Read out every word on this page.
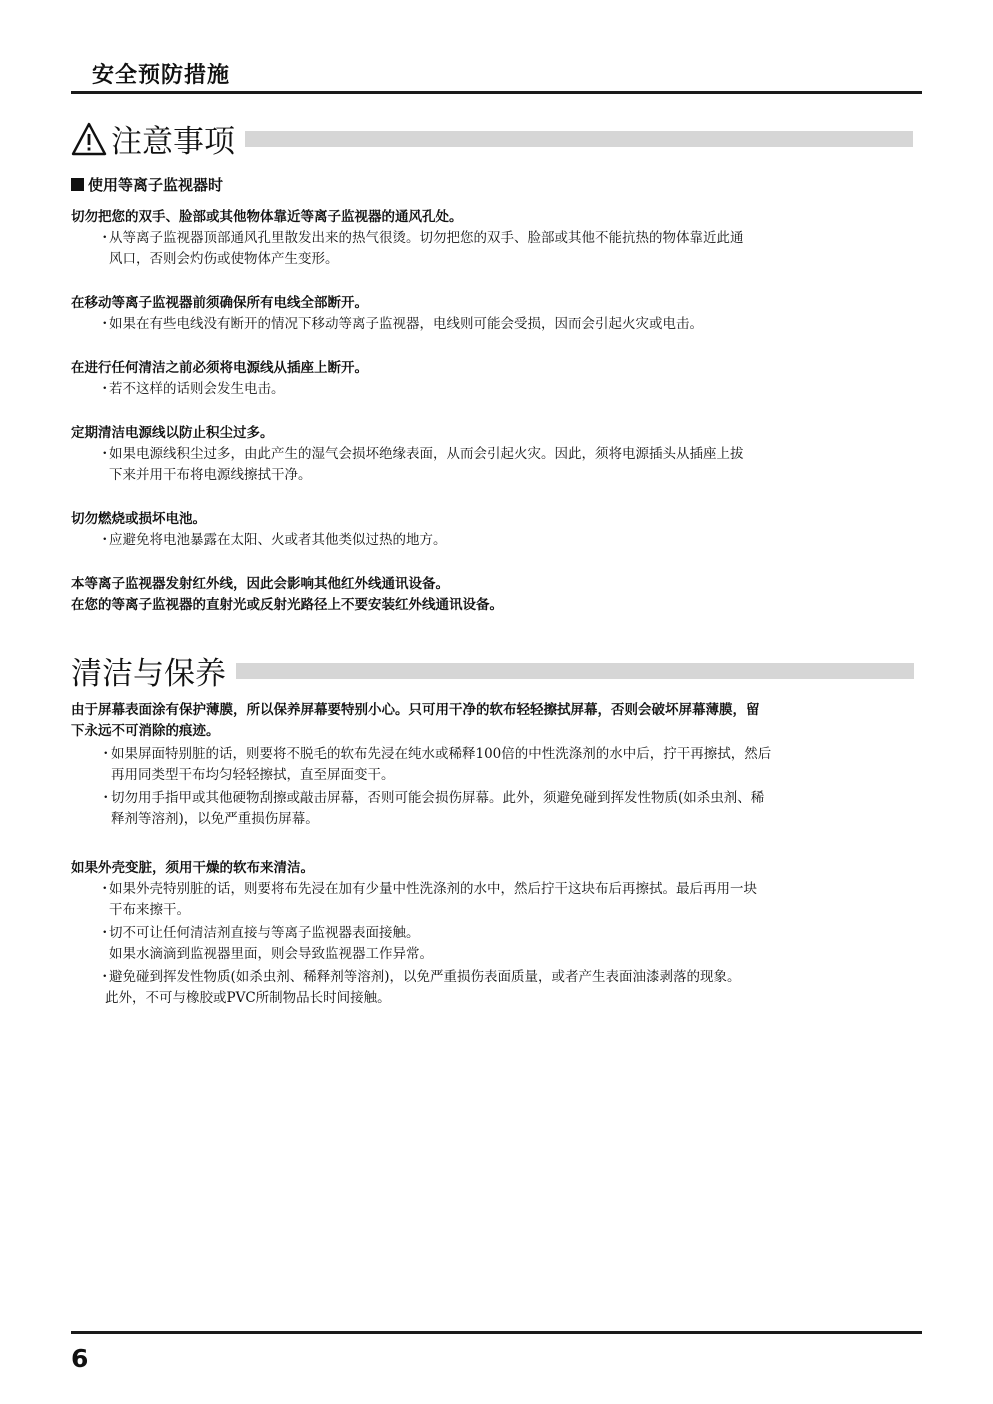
安全预防措施
注意事项
使用等离子监视器时
切勿把您的双手、脸部或其他物体靠近等离子监视器的通风孔处。
・
从等离子监视器顶部通风孔里散发出来的热气很烫。切勿把您的双手、脸部或其他不能抗热的物体靠近此通
风口，否则会灼伤或使物体产生变形。
在移动等离子监视器前须确保所有电线全部断开。
・
如果在有些电线没有断开的情况下移动等离子监视器，电线则可能会受损，因而会引起火灾或电击。
在进行任何清洁之前必须将电源线从插座上断开。
・
若不这样的话则会发生电击。
定期清洁电源线以防止积尘过多。
・
如果电源线积尘过多，由此产生的湿气会损坏绝缘表面，从而会引起火灾。因此，须将电源插头从插座上拔
下来并用干布将电源线擦拭干净。
切勿燃烧或损坏电池。
・
应避免将电池暴露在太阳、火或者其他类似过热的地方。
本等离子监视器发射红外线，因此会影响其他红外线通讯设备。
在您的等离子监视器的直射光或反射光路径上不要安装红外线通讯设备。
清洁与保养
由于屏幕表面涂有保护薄膜，所以保养屏幕要特别小心。只可用干净的软布轻轻擦拭屏幕，否则会破坏屏幕薄膜，留
下永远不可消除的痕迹。
・
如果屏面特别脏的话，则要将不脱毛的软布先浸在纯水或稀释100倍的中性洗涤剂的水中后，拧干再擦拭，然后
再用同类型干布均匀轻轻擦拭，直至屏面变干。
・
切勿用手指甲或其他硬物刮擦或敲击屏幕，否则可能会损伤屏幕。此外，须避免碰到挥发性物质(如杀虫剂、稀
释剂等溶剂)，以免严重损伤屏幕。
如果外壳变脏，须用干燥的软布来清洁。
・
如果外壳特别脏的话，则要将布先浸在加有少量中性洗涤剂的水中，然后拧干这块布后再擦拭。最后再用一块
干布来擦干。
・
切不可让任何清洁剂直接与等离子监视器表面接触。
如果水滴滴到监视器里面，则会导致监视器工作异常。
・
避免碰到挥发性物质(如杀虫剂、稀释剂等溶剂)，以免严重损伤表面质量，或者产生表面油漆剥落的现象。
此外，不可与橡胶或PVC所制物品长时间接触。
6
